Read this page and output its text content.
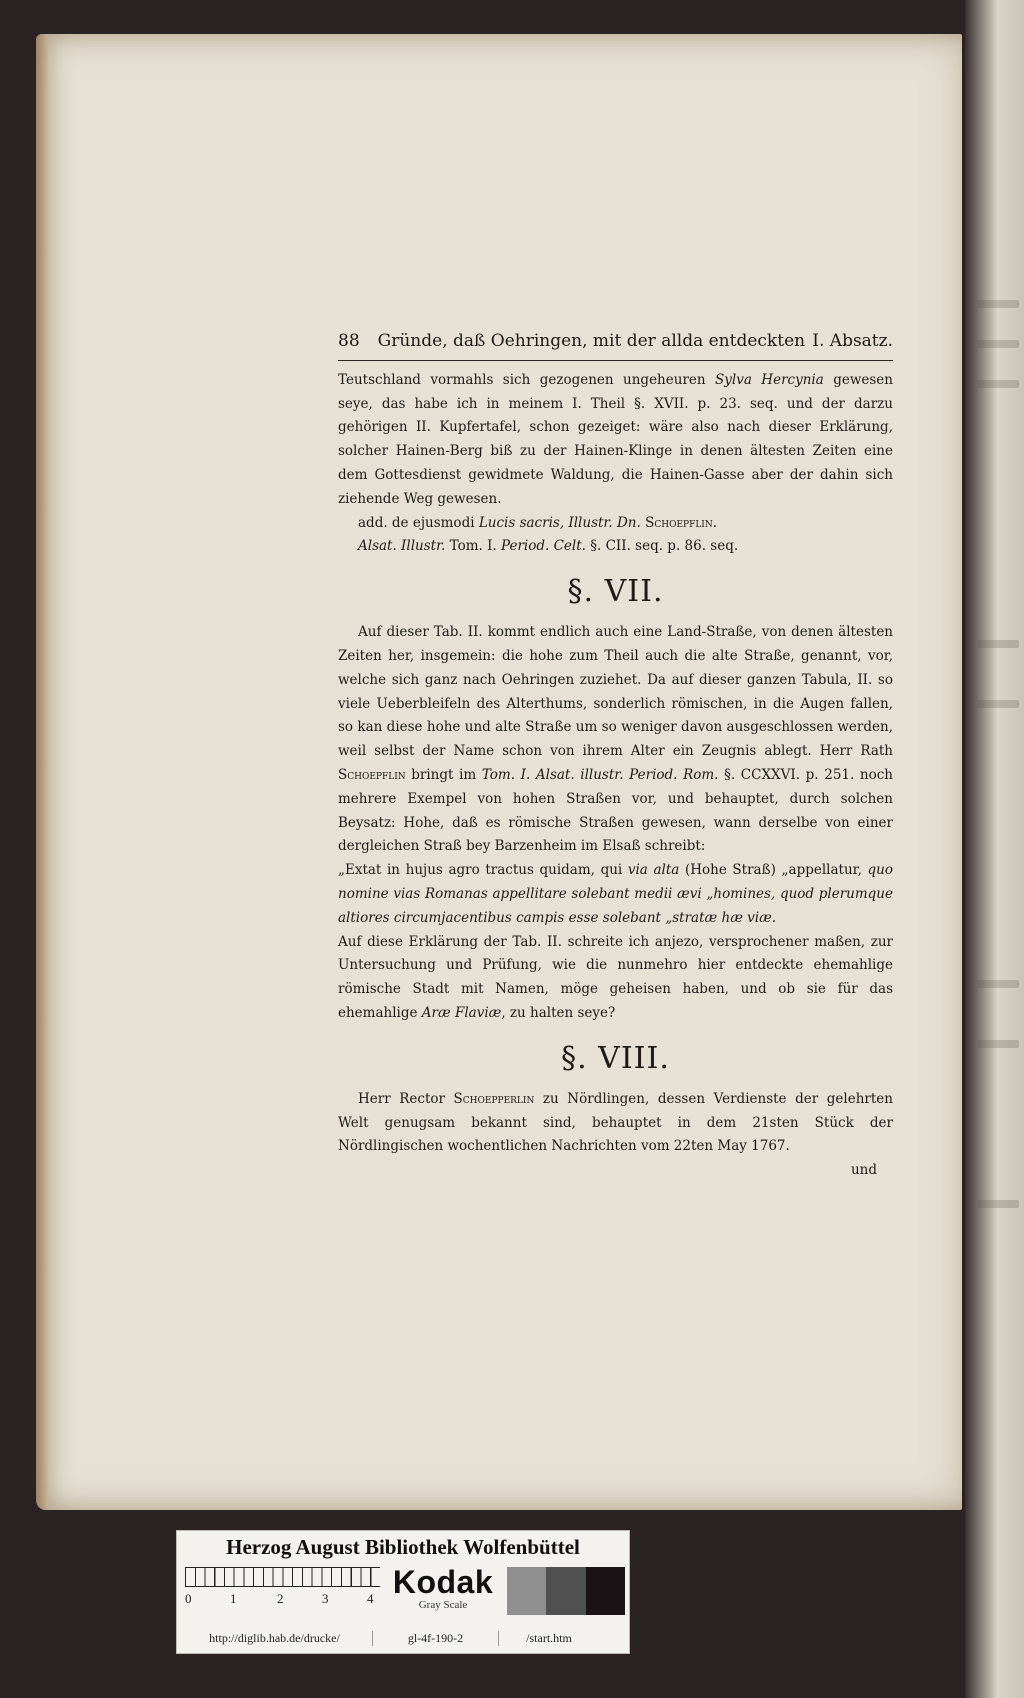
88 Gründe, daß Oehringen, mit der allda entdeckten I. Absatz.

Teutschland vormahls sich gezogenen ungeheuren Sylva Hercynia gewesen seye, das habe ich in meinem I. Theil §. XVII. p. 23. seq. und der darzu gehörigen II. Kupfertafel, schon gezeiget: wäre also nach dieser Erklärung, solcher Hainen-Berg biß zu der Hainen-Klinge in denen ältesten Zeiten eine dem Gottesdienst gewidmete Waldung, die Hainen-Gasse aber der dahin sich ziehende Weg gewesen.

add. de ejusmodi Lucis sacris, Illustr. Dn. Schoepflin.

Alsat. Illustr. Tom. I. Period. Celt. §. CII. seq. p. 86. seq.

§. VII.

Auf dieser Tab. II. kommt endlich auch eine Land-Straße, von denen ältesten Zeiten her, insgemein: die hohe zum Theil auch die alte Straße, genannt, vor, welche sich ganz nach Oehringen zuziehet. Da auf dieser ganzen Tabula, II. so viele Ueberbleifeln des Alterthums, sonderlich römischen, in die Augen fallen, so kan diese hohe und alte Straße um so weniger davon ausgeschlossen werden, weil selbst der Name schon von ihrem Alter ein Zeugnis ablegt. Herr Rath Schoepflin bringt im Tom. I. Alsat. illustr. Period. Rom. §. CCXXVI. p. 251. noch mehrere Exempel von hohen Straßen vor, und behauptet, durch solchen Beysatz: Hohe, daß es römische Straßen gewesen, wann derselbe von einer dergleichen Straß bey Barzenheim im Elsaß schreibt:

„Extat in hujus agro tractus quidam, qui via alta (Hohe Straß) „appellatur, quo nomine vias Romanas appellitare solebant medii ævi „homines, quod plerumque altiores circumjacentibus campis esse solebant „stratæ hæ viæ.

Auf diese Erklärung der Tab. II. schreite ich anjezo, versprochener maßen, zur Untersuchung und Prüfung, wie die nunmehro hier entdeckte ehemahlige römische Stadt mit Namen, möge geheisen haben, und ob sie für das ehemahlige Aræ Flaviæ, zu halten seye?

§. VIII.

Herr Rector Schoepperlin zu Nördlingen, dessen Verdienste der gelehrten Welt genugsam bekannt sind, behauptet in dem 21sten Stück der Nördlingischen wochentlichen Nachrichten vom 22ten May 1767.

und
Herzog August Bibliothek Wolfenbüttel
0	1	2	3	4 Kodak
Gray Scale
http://diglib.hab.de/drucke/	gl-4f-190-2	/start.htm
